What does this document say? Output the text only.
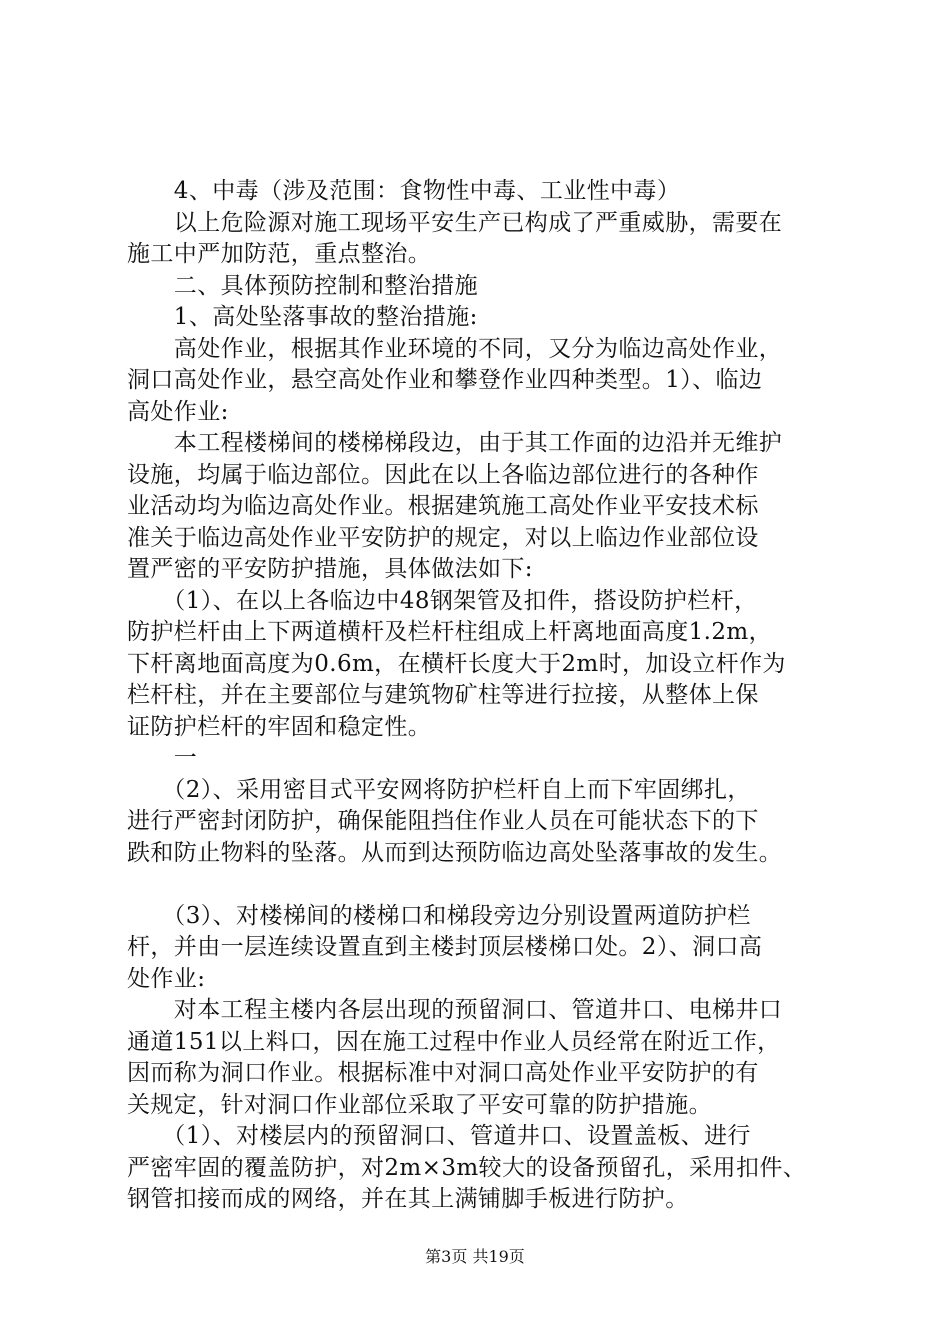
　　4、中毒（涉及范围：食物性中毒、工业性中毒）
　　以上危险源对施工现场平安生产已构成了严重威胁，需要在
施工中严加防范，重点整治。
　　二、具体预防控制和整治措施
　　1、高处坠落事故的整治措施:
　　高处作业，根据其作业环境的不同，又分为临边高处作业，
洞口高处作业，悬空高处作业和攀登作业四种类型。1）、临边
高处作业:
　　本工程楼梯间的楼梯梯段边，由于其工作面的边沿并无维护
设施，均属于临边部位。因此在以上各临边部位进行的各种作
业活动均为临边高处作业。根据建筑施工高处作业平安技术标
准关于临边高处作业平安防护的规定，对以上临边作业部位设
置严密的平安防护措施，具体做法如下:
　　（1）、在以上各临边中48钢架管及扣件，搭设防护栏杆，
防护栏杆由上下两道横杆及栏杆柱组成上杆离地面高度1.2m，
下杆离地面高度为0.6m，在横杆长度大于2m时，加设立杆作为
栏杆柱，并在主要部位与建筑物矿柱等进行拉接，从整体上保
证防护栏杆的牢固和稳定性。
　　一
　　（2）、采用密目式平安网将防护栏杆自上而下牢固绑扎，
进行严密封闭防护，确保能阻挡住作业人员在可能状态下的下
跌和防止物料的坠落。从而到达预防临边高处坠落事故的发生。
　　（3）、对楼梯间的楼梯口和梯段旁边分别设置两道防护栏
杆，并由一层连续设置直到主楼封顶层楼梯口处。2）、洞口高
处作业:
　　对本工程主楼内各层出现的预留洞口、管道井口、电梯井口
通道151以上料口，因在施工过程中作业人员经常在附近工作，
因而称为洞口作业。根据标准中对洞口高处作业平安防护的有
关规定，针对洞口作业部位采取了平安可靠的防护措施。
　　（1）、对楼层内的预留洞口、管道井口、设置盖板、进行
严密牢固的覆盖防护，对2m×3m较大的设备预留孔，采用扣件、
钢管扣接而成的网络，并在其上满铺脚手板进行防护。
第3页 共19页
